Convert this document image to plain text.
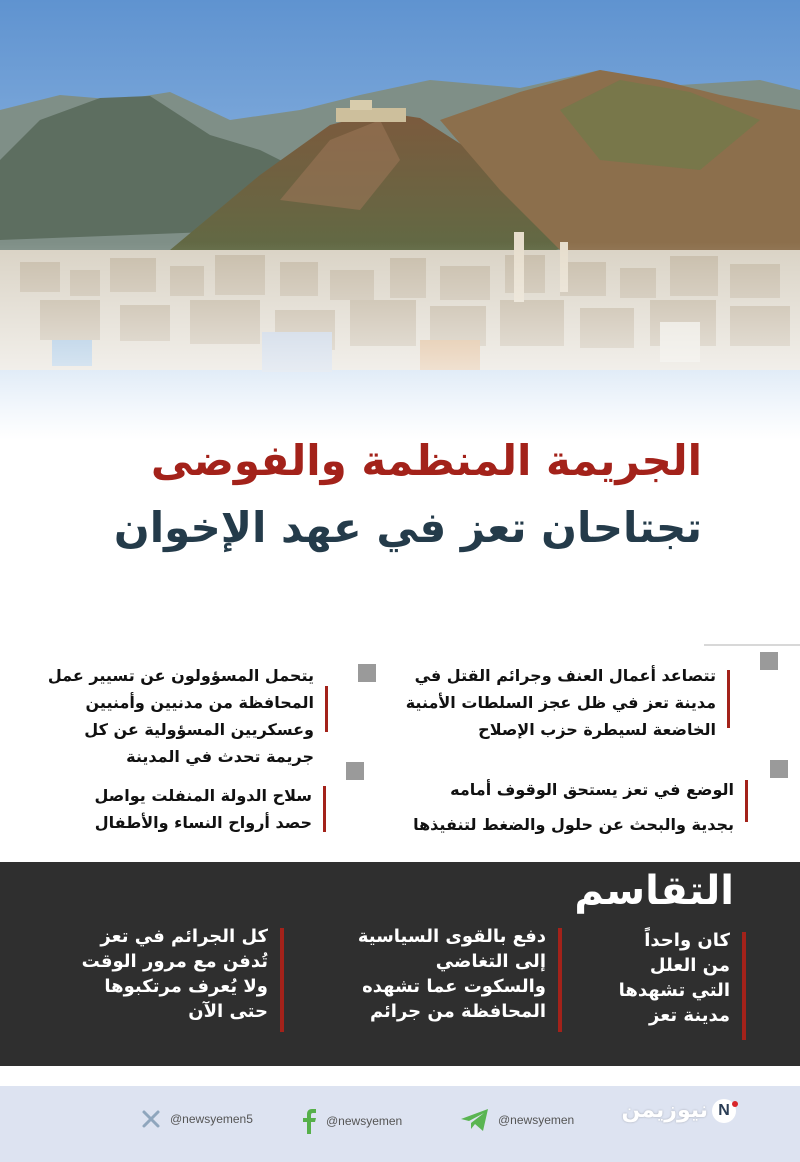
الجريمة المنظمة والفوضى
تجتاحان تعز في عهد الإخوان

تتصاعد أعمال العنف وجرائم القتل في

مدينة تعز في ظل عجز السلطات الأمنية

الخاضعة لسيطرة حزب الإصلاح

يتحمل المسؤولون عن تسيير عمل

المحافظة من مدنيين وأمنيين

وعسكريين المسؤولية عن كل

جريمة تحدث في المدينة

الوضع في تعز يستحق الوقوف أمامه

بجدية والبحث عن حلول والضغط لتنفيذها

سلاح الدولة المنفلت يواصل

حصد أرواح النساء والأطفال

التقاسم

كان واحداً

من العلل

التي تشهدها

مدينة تعز

دفع بالقوى السياسية

إلى التغاضي

والسكوت عما تشهده

المحافظة من جرائم

كل الجرائم في تعز

تُدفن مع مرور الوقت

ولا يُعرف مرتكبوها

حتى الآن

@newsyemen5	@newsyemen	@newsyemen
N
نيوزيمن
